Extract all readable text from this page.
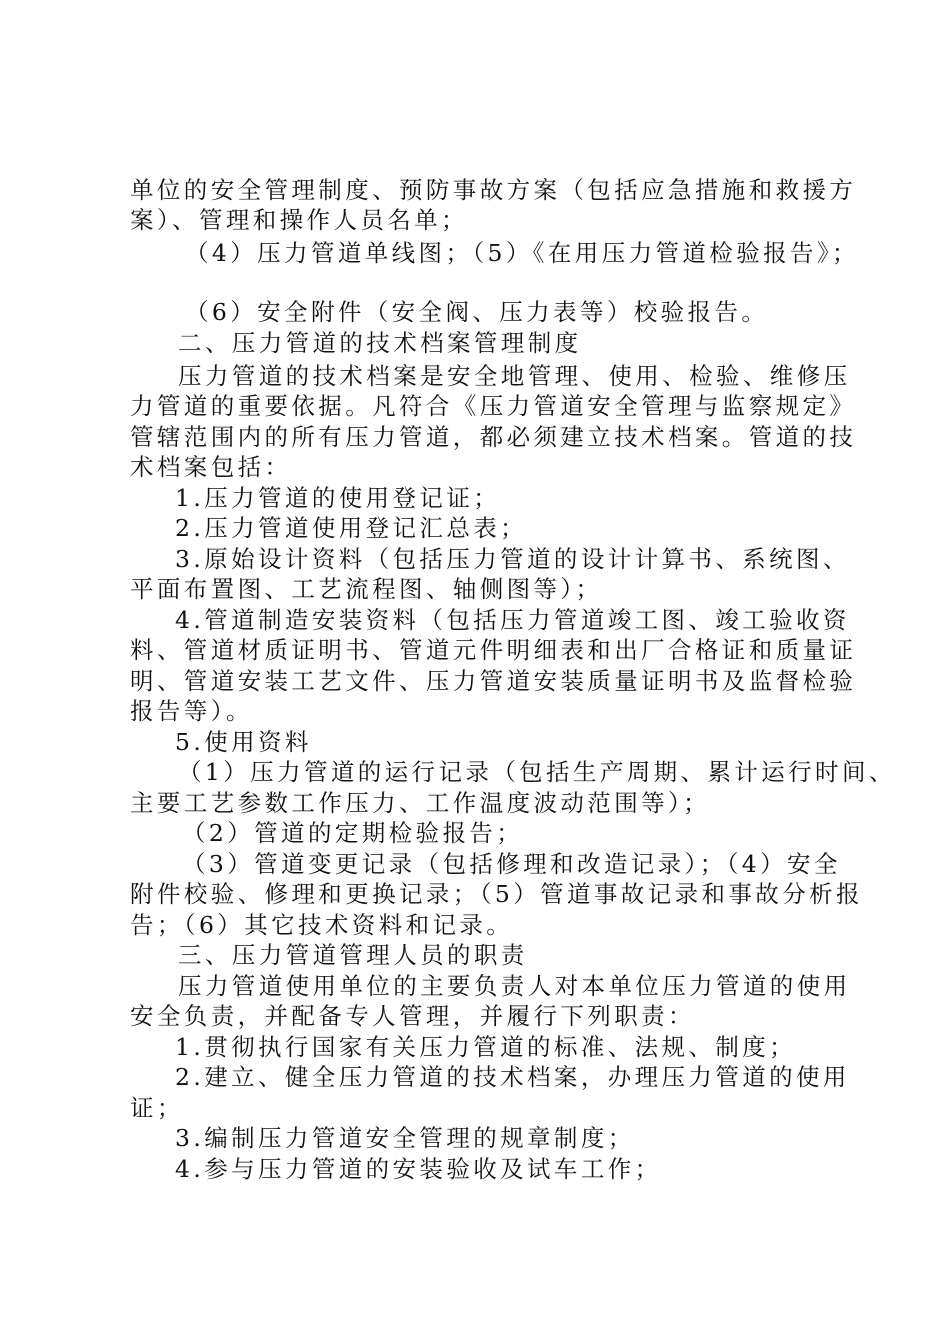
单位的安全管理制度、预防事故方案（包括应急措施和救援方
案）、管理和操作人员名单；
（4）压力管道单线图；（5）《在用压力管道检验报告》；
（6）安全附件（安全阀、压力表等）校验报告。
二、压力管道的技术档案管理制度
压力管道的技术档案是安全地管理、使用、检验、维修压
力管道的重要依据。凡符合《压力管道安全管理与监察规定》
管辖范围内的所有压力管道，都必须建立技术档案。管道的技
术档案包括：
1.压力管道的使用登记证；
2.压力管道使用登记汇总表；
3.原始设计资料（包括压力管道的设计计算书、系统图、
平面布置图、工艺流程图、轴侧图等）；
4.管道制造安装资料（包括压力管道竣工图、竣工验收资
料、管道材质证明书、管道元件明细表和出厂合格证和质量证
明、管道安装工艺文件、压力管道安装质量证明书及监督检验
报告等）。
5.使用资料
（1）压力管道的运行记录（包括生产周期、累计运行时间、
主要工艺参数工作压力、工作温度波动范围等）；
（2）管道的定期检验报告；
（3）管道变更记录（包括修理和改造记录）；（4）安全
附件校验、修理和更换记录；（5）管道事故记录和事故分析报
告；（6）其它技术资料和记录。
三、压力管道管理人员的职责
压力管道使用单位的主要负责人对本单位压力管道的使用
安全负责，并配备专人管理，并履行下列职责：
1.贯彻执行国家有关压力管道的标准、法规、制度；
2.建立、健全压力管道的技术档案，办理压力管道的使用
证；
3.编制压力管道安全管理的规章制度；
4.参与压力管道的安装验收及试车工作；
